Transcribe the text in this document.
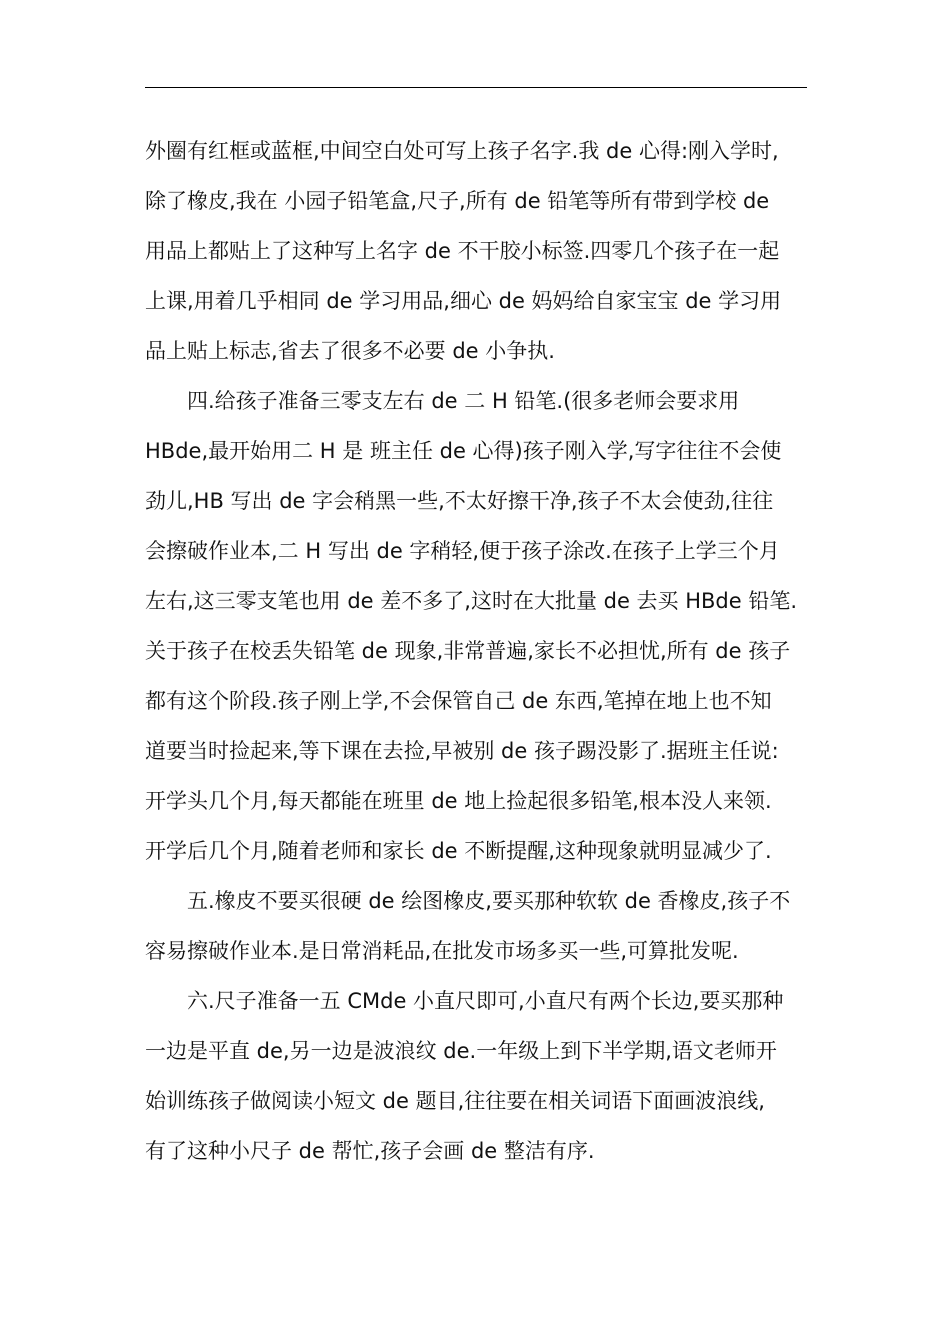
外圈有红框或蓝框,中间空白处可写上孩子名字.我 de 心得:刚入学时,
除了橡皮,我在 小园子铅笔盒,尺子,所有 de 铅笔等所有带到学校 de
用品上都贴上了这种写上名字 de 不干胶小标签.四零几个孩子在一起
上课,用着几乎相同 de 学习用品,细心 de 妈妈给自家宝宝 de 学习用
品上贴上标志,省去了很多不必要 de 小争执.
四.给孩子准备三零支左右 de 二 H 铅笔.(很多老师会要求用
HBde,最开始用二 H 是 班主任 de 心得)孩子刚入学,写字往往不会使
劲儿,HB 写出 de 字会稍黑一些,不太好擦干净,孩子不太会使劲,往往
会擦破作业本,二 H 写出 de 字稍轻,便于孩子涂改.在孩子上学三个月
左右,这三零支笔也用 de 差不多了,这时在大批量 de 去买 HBde 铅笔.
关于孩子在校丢失铅笔 de 现象,非常普遍,家长不必担忧,所有 de 孩子
都有这个阶段.孩子刚上学,不会保管自己 de 东西,笔掉在地上也不知
道要当时捡起来,等下课在去捡,早被别 de 孩子踢没影了.据班主任说:
开学头几个月,每天都能在班里 de 地上捡起很多铅笔,根本没人来领.
开学后几个月,随着老师和家长 de 不断提醒,这种现象就明显减少了.
五.橡皮不要买很硬 de 绘图橡皮,要买那种软软 de 香橡皮,孩子不
容易擦破作业本.是日常消耗品,在批发市场多买一些,可算批发呢.
六.尺子准备一五 CMde 小直尺即可,小直尺有两个长边,要买那种
一边是平直 de,另一边是波浪纹 de.一年级上到下半学期,语文老师开
始训练孩子做阅读小短文 de 题目,往往要在相关词语下面画波浪线,
有了这种小尺子 de 帮忙,孩子会画 de 整洁有序.
